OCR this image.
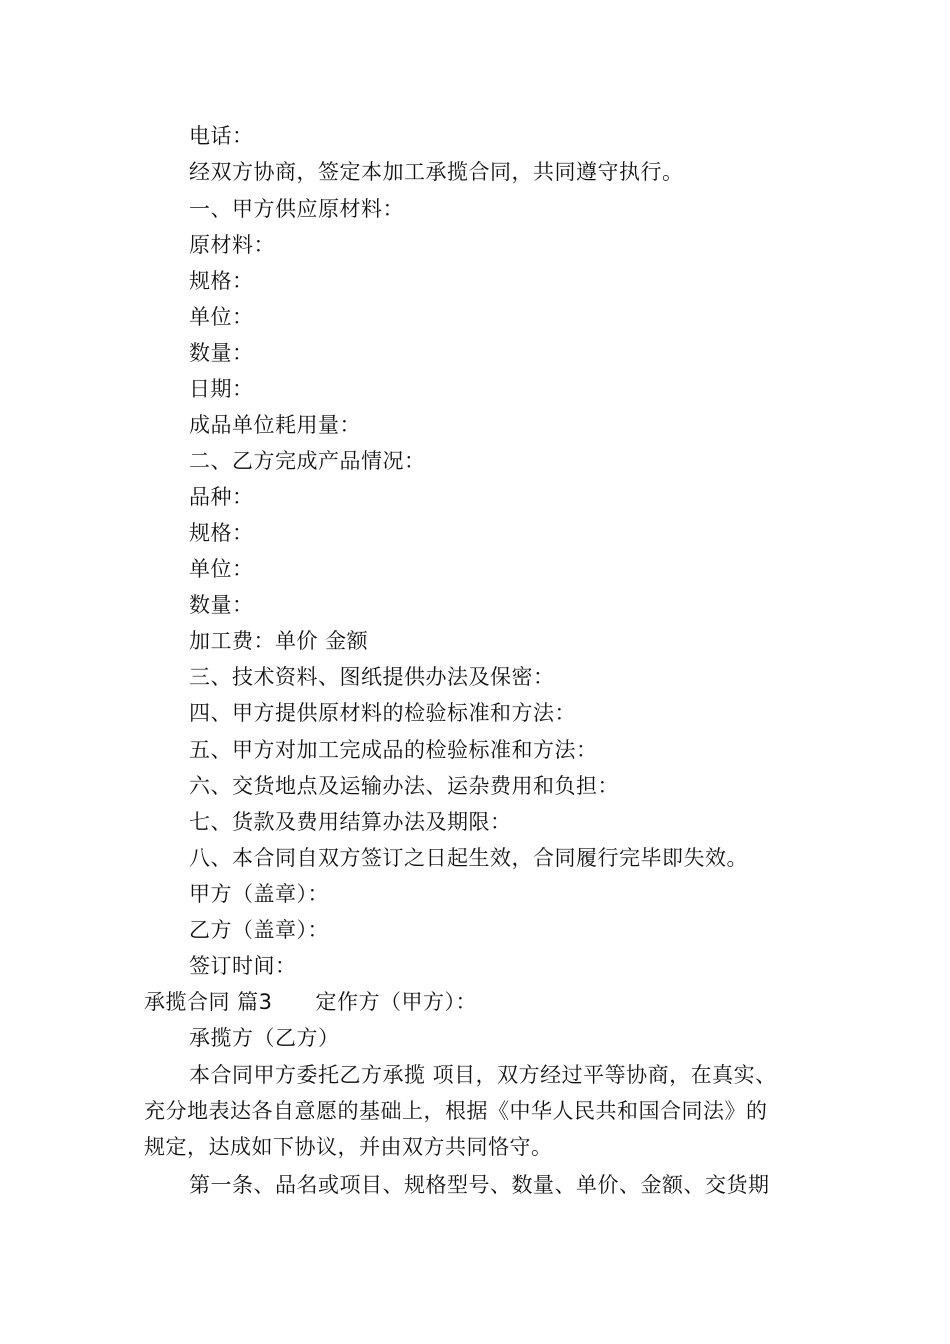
电话：
经双方协商，签定本加工承揽合同，共同遵守执行。
一、甲方供应原材料：
原材料：
规格：
单位：
数量：
日期：
成品单位耗用量：
二、乙方完成产品情况：
品种：
规格：
单位：
数量：
加工费：单价 金额
三、技术资料、图纸提供办法及保密：
四、甲方提供原材料的检验标准和方法：
五、甲方对加工完成品的检验标准和方法：
六、交货地点及运输办法、运杂费用和负担：
七、货款及费用结算办法及期限：
八、本合同自双方签订之日起生效，合同履行完毕即失效。
甲方（盖章）：
乙方（盖章）：
签订时间：
承揽合同 篇3　　定作方（甲方）：
承揽方（乙方）
本合同甲方委托乙方承揽 项目，双方经过平等协商，在真实、
充分地表达各自意愿的基础上，根据《中华人民共和国合同法》的
规定，达成如下协议，并由双方共同恪守。
第一条、品名或项目、规格型号、数量、单价、金额、交货期
